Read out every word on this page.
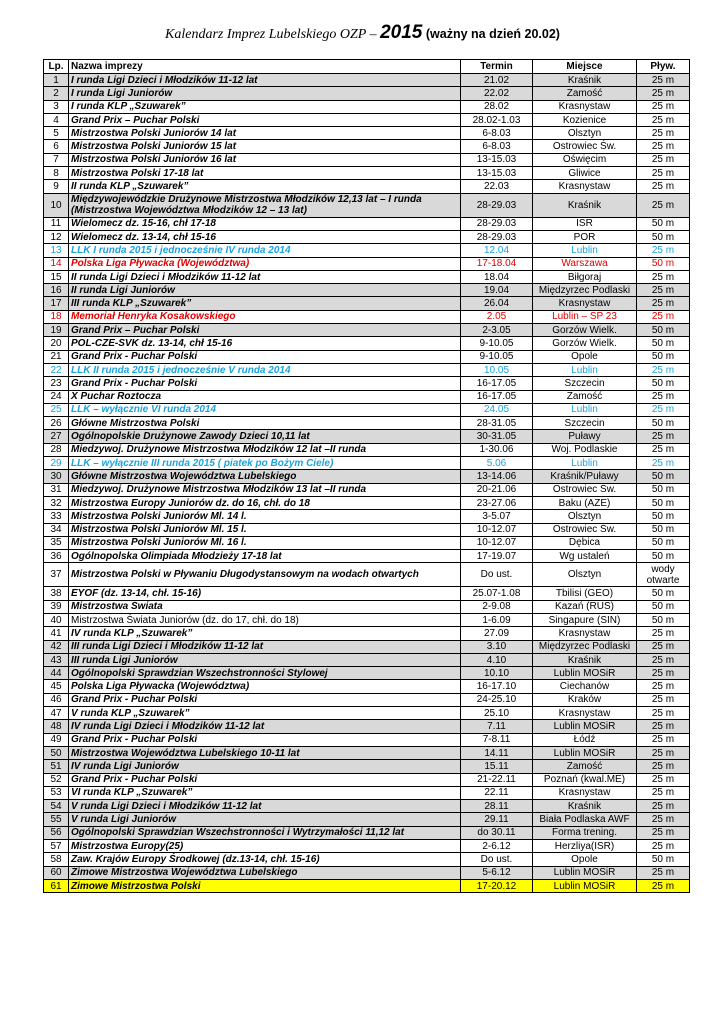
Kalendarz Imprez Lubelskiego OZP – 2015 (ważny na dzień 20.02)
Lp.	Nazwa imprezy	Termin	Miejsce	Pływ.
1	I runda Ligi Dzieci i Młodzików 11-12 lat	21.02	Kraśnik	25 m
2	I runda Ligi Juniorów	22.02	Zamość	25 m
3	I runda KLP „Szuwarek”	28.02	Krasnystaw	25 m
4	Grand Prix – Puchar Polski	28.02-1.03	Kozienice	25 m
5	Mistrzostwa Polski Juniorów 14 lat	6-8.03	Olsztyn	25 m
6	Mistrzostwa Polski Juniorów 15 lat	6-8.03	Ostrowiec Św.	25 m
7	Mistrzostwa Polski Juniorów 16 lat	13-15.03	Oświęcim	25 m
8	Mistrzostwa Polski 17-18 lat	13-15.03	Gliwice	25 m
9	II runda KLP „Szuwarek”	22.03	Krasnystaw	25 m
10	Międzywojewódzkie Drużynowe Mistrzostwa Młodzików 12,13 lat – I runda (Mistrzostwa Województwa Młodzików 12 – 13 lat)	28-29.03	Kraśnik	25 m
11	Wielomecz dz. 15-16, chł 17-18	28-29.03	ISR	50 m
12	Wielomecz dz. 13-14, chł 15-16	28-29.03	POR	50 m
13	LLK I runda 2015 i jednocześnie IV runda 2014	12.04	Lublin	25 m
14	Polska Liga Pływacka (Województwa)	17-18.04	Warszawa	50 m
15	II runda Ligi Dzieci i Młodzików 11-12 lat	18.04	Biłgoraj	25 m
16	II runda Ligi Juniorów	19.04	Międzyrzec Podlaski	25 m
17	III runda KLP „Szuwarek”	26.04	Krasnystaw	25 m
18	Memoriał Henryka Kosakowskiego	2.05	Lublin – SP 23	25 m
19	Grand Prix – Puchar Polski	2-3.05	Gorzów Wielk.	50 m
20	POL-CZE-SVK dz. 13-14, chł 15-16	9-10.05	Gorzów Wielk.	50 m
21	Grand Prix - Puchar Polski	9-10.05	Opole	50 m
22	LLK II runda 2015 i jednocześnie V runda 2014	10.05	Lublin	25 m
23	Grand Prix - Puchar Polski	16-17.05	Szczecin	50 m
24	X Puchar Roztocza	16-17.05	Zamość	25 m
25	LLK – wyłącznie VI runda 2014	24.05	Lublin	25 m
26	Główne Mistrzostwa Polski	28-31.05	Szczecin	50 m
27	Ogólnopolskie Drużynowe Zawody Dzieci 10,11 lat	30-31.05	Puławy	25 m
28	Miedzywoj. Drużynowe Mistrzostwa Młodzików 12 lat –II runda	1-30.06	Woj. Podlaskie	25 m
29	LLK – wyłącznie III runda 2015 ( piatek po Bożym Ciele)	5.06	Lublin	25 m
30	Główne Mistrzostwa Województwa Lubelskiego	13-14.06	Kraśnik/Puławy	50 m
31	Miedzywoj. Drużynowe Mistrzostwa Młodzików 13 lat –II runda	20-21.06	Ostrowiec Św.	50 m
32	Mistrzostwa Europy Juniorów dz. do 16, chł. do 18	23-27.06	Baku (AZE)	50 m
33	Mistrzostwa Polski Juniorów Ml. 14 l.	3-5.07	Olsztyn	50 m
34	Mistrzostwa Polski Juniorów Ml. 15 l.	10-12.07	Ostrowiec Św.	50 m
35	Mistrzostwa Polski Juniorów Ml. 16 l.	10-12.07	Dębica	50 m
36	Ogólnopolska Olimpiada Młodzieży 17-18 lat	17-19.07	Wg ustaleń	50 m
37	Mistrzostwa Polski w Pływaniu Długodystansowym na wodach otwartych	Do ust.	Olsztyn	wody otwarte
38	EYOF (dz. 13-14, chł. 15-16)	25.07-1.08	Tbilisi (GEO)	50 m
39	Mistrzostwa Świata	2-9.08	Kazań (RUS)	50 m
40	Mistrzostwa Świata Juniorów (dz. do 17, chł. do 18)	1-6.09	Singapure (SIN)	50 m
41	IV runda KLP „Szuwarek”	27.09	Krasnystaw	25 m
42	III runda Ligi Dzieci i Młodzików 11-12 lat	3.10	Międzyrzec Podlaski	25 m
43	III runda Ligi Juniorów	4.10	Kraśnik	25 m
44	Ogólnopolski Sprawdzian Wszechstronności Stylowej	10.10	Lublin MOSiR	25 m
45	Polska Liga Pływacka (Województwa)	16-17.10	Ciechanów	25 m
46	Grand Prix - Puchar Polski	24-25.10	Kraków	25 m
47	V runda KLP „Szuwarek”	25.10	Krasnystaw	25 m
48	IV runda Ligi Dzieci i Młodzików 11-12 lat	7.11	Lublin MOSiR	25 m
49	Grand Prix - Puchar Polski	7-8.11	Łódź	25 m
50	Mistrzostwa Województwa Lubelskiego 10-11 lat	14.11	Lublin MOSiR	25 m
51	IV runda Ligi Juniorów	15.11	Zamość	25 m
52	Grand Prix - Puchar Polski	21-22.11	Poznań (kwal.ME)	25 m
53	VI runda KLP „Szuwarek”	22.11	Krasnystaw	25 m
54	V runda Ligi Dzieci i Młodzików 11-12 lat	28.11	Kraśnik	25 m
55	V runda Ligi Juniorów	29.11	Biała Podlaska AWF	25 m
56	Ogólnopolski Sprawdzian Wszechstronności i Wytrzymałości 11,12 lat	do 30.11	Forma trening.	25 m
57	Mistrzostwa Europy(25)	2-6.12	Herzliya(ISR)	25 m
58	Zaw. Krajów Europy Środkowej (dz.13-14, chł. 15-16)	Do ust.	Opole	50 m
60	Zimowe Mistrzostwa Województwa Lubelskiego	5-6.12	Lublin MOSiR	25 m
61	Zimowe Mistrzostwa Polski	17-20.12	Lublin MOSiR	25 m
